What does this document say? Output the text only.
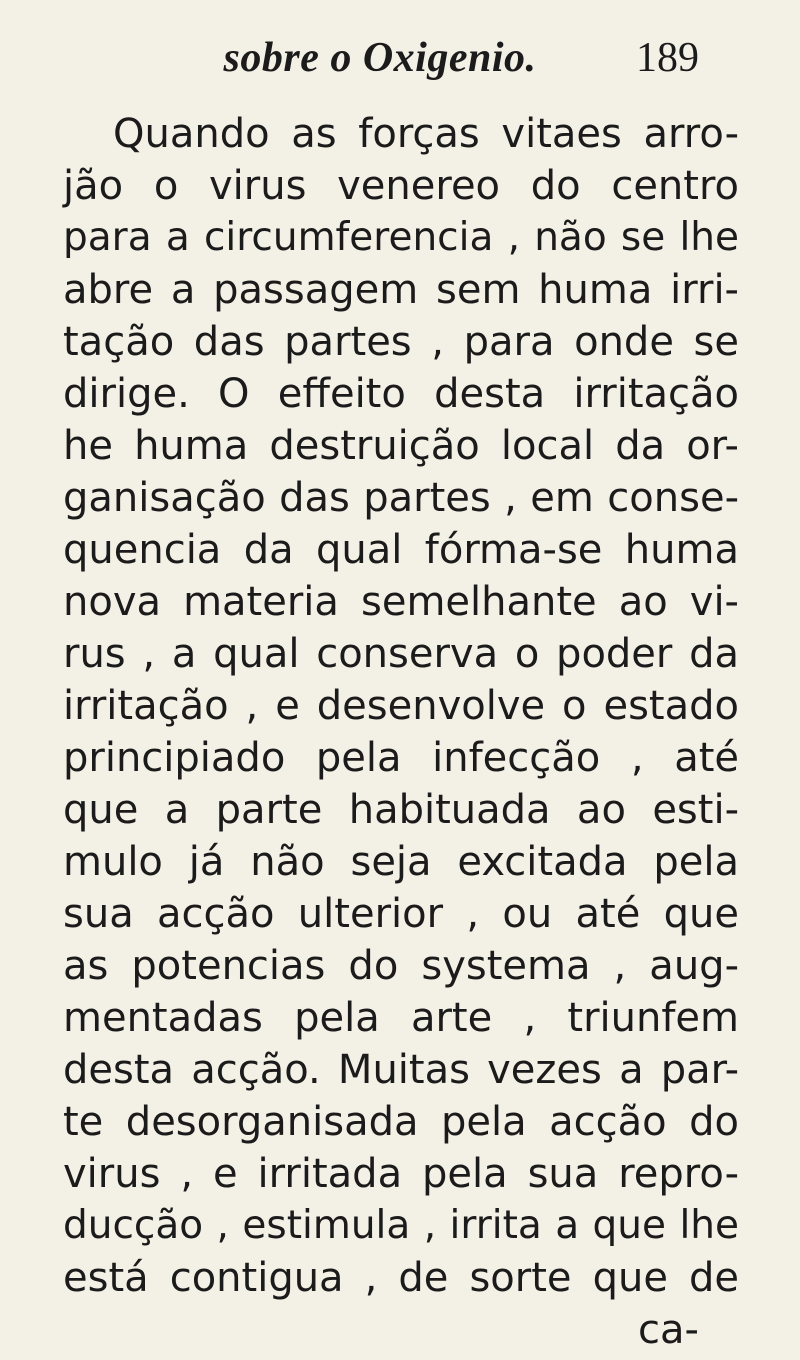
sobre o Oxigenio. 189
Quando as forças vitaes arro-
jão o virus venereo do centro
para a circumferencia , não se lhe
abre a passagem sem huma irri-
tação das partes , para onde se
dirige. O effeito desta irritação
he huma destruição local da or-
ganisação das partes , em conse-
quencia da qual fórma-se huma
nova materia semelhante ao vi-
rus , a qual conserva o poder da
irritação , e desenvolve o estado
principiado pela infecção , até
que a parte habituada ao esti-
mulo já não seja excitada pela
sua acção ulterior , ou até que
as potencias do systema , aug-
mentadas pela arte , triunfem
desta acção. Muitas vezes a par-
te desorganisada pela acção do
virus , e irritada pela sua repro-
ducção , estimula , irrita a que lhe
está contigua , de sorte que de
ca-
